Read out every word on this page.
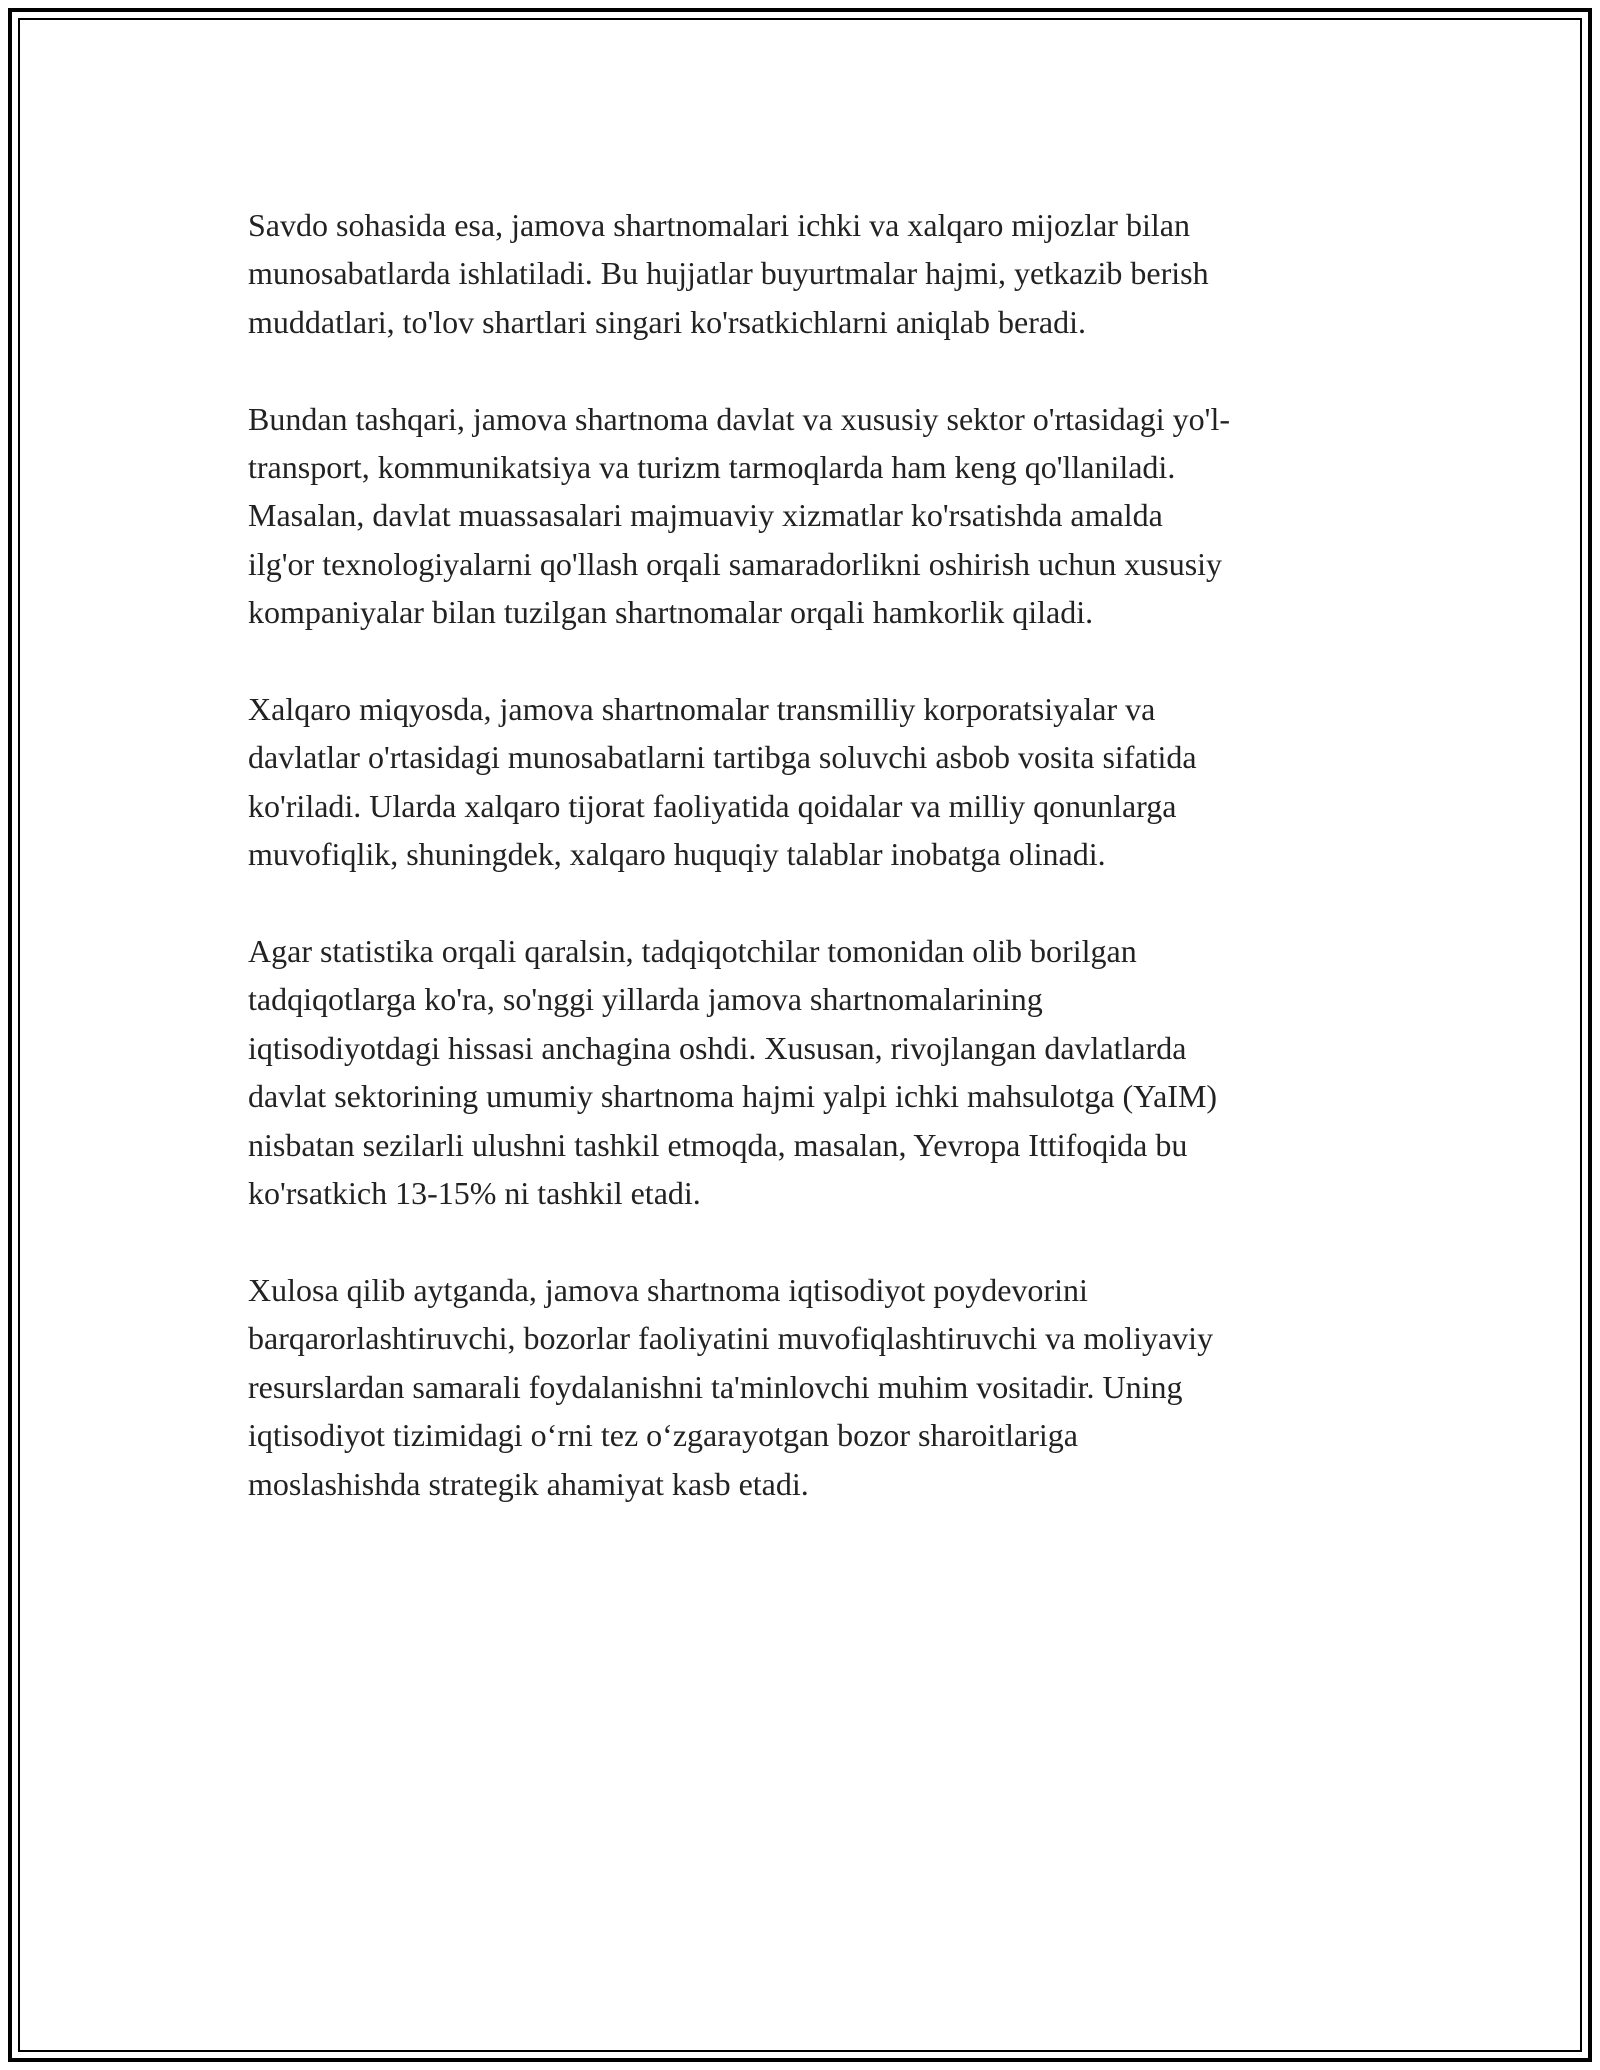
Savdo sohasida esa, jamova shartnomalari ichki va xalqaro mijozlar bilan
munosabatlarda ishlatiladi. Bu hujjatlar buyurtmalar hajmi, yetkazib berish
muddatlari, to'lov shartlari singari ko'rsatkichlarni aniqlab beradi.

Bundan tashqari, jamova shartnoma davlat va xususiy sektor o'rtasidagi yo'l-
transport, kommunikatsiya va turizm tarmoqlarda ham keng qo'llaniladi.
Masalan, davlat muassasalari majmuaviy xizmatlar ko'rsatishda amalda
ilg'or texnologiyalarni qo'llash orqali samaradorlikni oshirish uchun xususiy
kompaniyalar bilan tuzilgan shartnomalar orqali hamkorlik qiladi.

Xalqaro miqyosda, jamova shartnomalar transmilliy korporatsiyalar va
davlatlar o'rtasidagi munosabatlarni tartibga soluvchi asbob vosita sifatida
ko'riladi. Ularda xalqaro tijorat faoliyatida qoidalar va milliy qonunlarga
muvofiqlik, shuningdek, xalqaro huquqiy talablar inobatga olinadi.

Agar statistika orqali qaralsin, tadqiqotchilar tomonidan olib borilgan
tadqiqotlarga ko'ra, so'nggi yillarda jamova shartnomalarining
iqtisodiyotdagi hissasi anchagina oshdi. Xususan, rivojlangan davlatlarda
davlat sektorining umumiy shartnoma hajmi yalpi ichki mahsulotga (YaIM)
nisbatan sezilarli ulushni tashkil etmoqda, masalan, Yevropa Ittifoqida bu
ko'rsatkich 13-15% ni tashkil etadi.

Xulosa qilib aytganda, jamova shartnoma iqtisodiyot poydevorini
barqarorlashtiruvchi, bozorlar faoliyatini muvofiqlashtiruvchi va moliyaviy
resurslardan samarali foydalanishni ta'minlovchi muhim vositadir. Uning
iqtisodiyot tizimidagi o‘rni tez o‘zgarayotgan bozor sharoitlariga
moslashishda strategik ahamiyat kasb etadi.
